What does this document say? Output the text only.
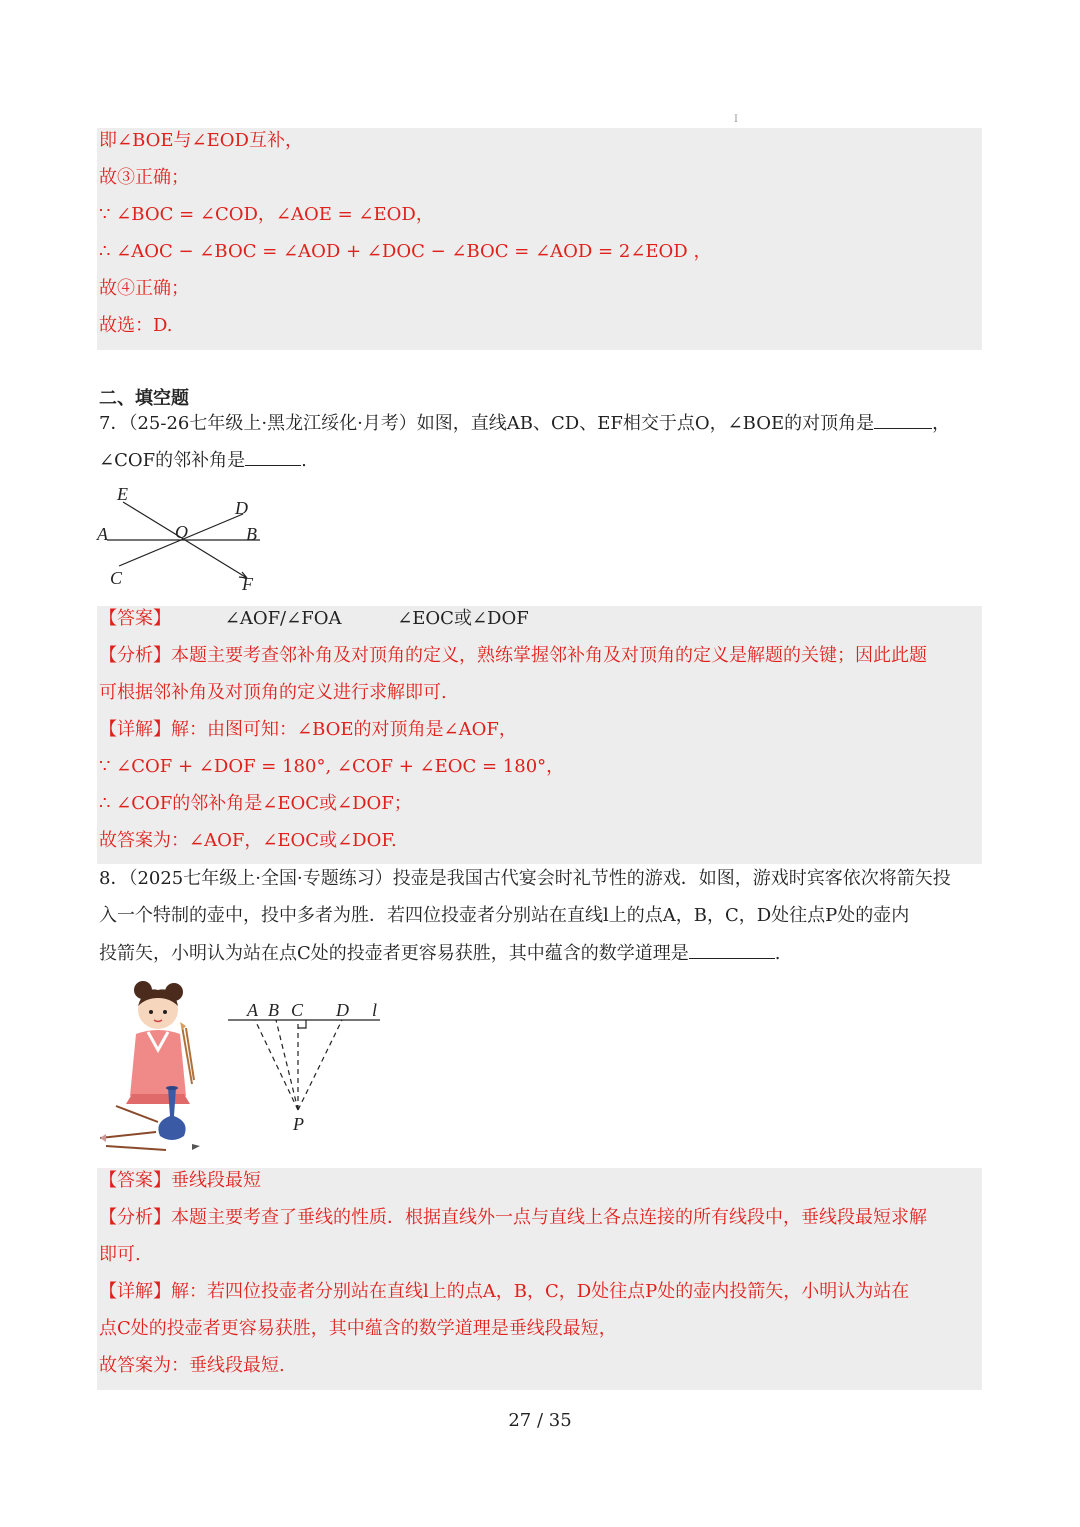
I
即∠BOE与∠EOD互补，
故③正确；
∵ ∠BOC = ∠COD，∠AOE = ∠EOD，
∴ ∠AOC − ∠BOC = ∠AOD + ∠DOC − ∠BOC = ∠AOD = 2∠EOD ，
故④正确；
故选：D.
二、填空题
7．（25-26七年级上·黑龙江绥化·月考）如图，直线AB、CD、EF相交于点O，∠BOE的对顶角是	，
∠COF的邻补角是	.
E
D
A	O	B
C	F
【答案】	∠AOF/∠FOA	∠EOC或∠DOF
【分析】本题主要考查邻补角及对顶角的定义，熟练掌握邻补角及对顶角的定义是解题的关键；因此此题
可根据邻补角及对顶角的定义进行求解即可.
【详解】解：由图可知：∠BOE的对顶角是∠AOF，
∵ ∠COF + ∠DOF = 180°, ∠COF + ∠EOC = 180°，
∴ ∠COF的邻补角是∠EOC或∠DOF；
故答案为：∠AOF，∠EOC或∠DOF.
8．（2025七年级上·全国·专题练习）投壶是我国古代宴会时礼节性的游戏．如图，游戏时宾客依次将箭矢投
入一个特制的壶中，投中多者为胜．若四位投壶者分别站在直线l上的点A，B，C，D处往点P处的壶内
投箭矢，小明认为站在点C处的投壶者更容易获胜，其中蕴含的数学道理是	.
A B C D l
P
【答案】垂线段最短
【分析】本题主要考查了垂线的性质．根据直线外一点与直线上各点连接的所有线段中，垂线段最短求解
即可.
【详解】解：若四位投壶者分别站在直线l上的点A，B，C，D处往点P处的壶内投箭矢，小明认为站在
点C处的投壶者更容易获胜，其中蕴含的数学道理是垂线段最短，
故答案为：垂线段最短.
27 / 35
